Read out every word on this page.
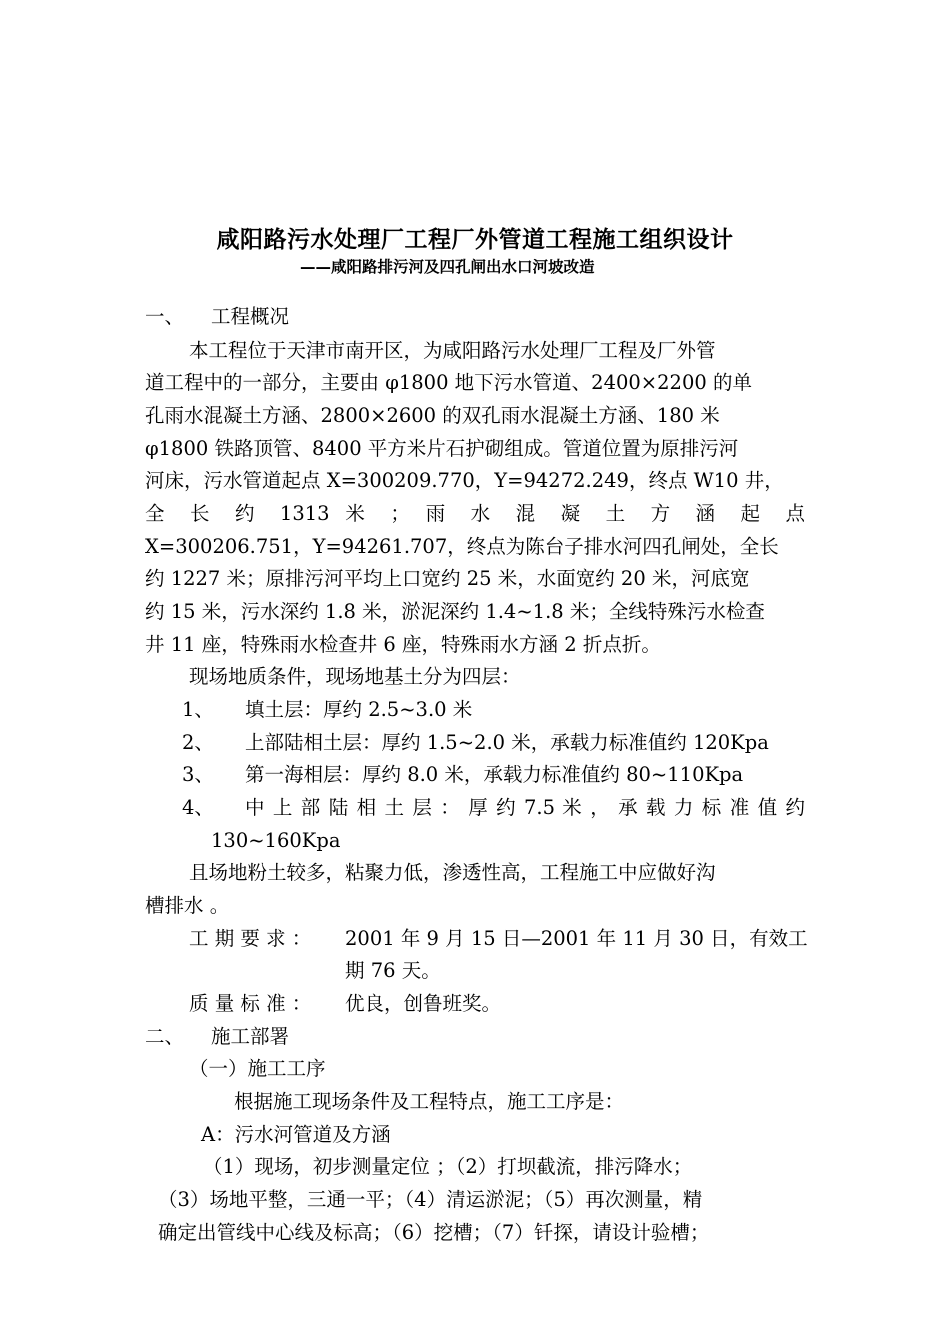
咸阳路污水处理厂工程厂外管道工程施工组织设计
——咸阳路排污河及四孔闸出水口河坡改造
一、 工程概况
本工程位于天津市南开区，为咸阳路污水处理厂工程及厂外管
道工程中的一部分，主要由 φ1800 地下污水管道、2400×2200 的单
孔雨水混凝土方涵、2800×2600 的双孔雨水混凝土方涵、180 米
φ1800 铁路顶管、8400 平方米片石护砌组成。管道位置为原排污河
河床，污水管道起点 X=300209.770，Y=94272.249，终点 W10 井，
全 长 约 1313 米 ； 雨 水 混 凝 土 方 涵 起 点
X=300206.751，Y=94261.707，终点为陈台子排水河四孔闸处，全长
约 1227 米；原排污河平均上口宽约 25 米，水面宽约 20 米，河底宽
约 15 米，污水深约 1.8 米，淤泥深约 1.4~1.8 米；全线特殊污水检查
井 11 座，特殊雨水检查井 6 座，特殊雨水方涵 2 折点折。
现场地质条件，现场地基土分为四层：
1、 填土层：厚约 2.5~3.0 米
2、 上部陆相土层：厚约 1.5~2.0 米，承载力标准值约 120Kpa
3、 第一海相层：厚约 8.0 米，承载力标准值约 80~110Kpa
4、 中 上 部 陆 相 土 层 ： 厚 约 7.5 米 ， 承 载 力 标 准 值 约
130~160Kpa
且场地粉土较多，粘聚力低，渗透性高，工程施工中应做好沟
槽排水 。
工 期 要 求 ： 2001 年 9 月 15 日—2001 年 11 月 30 日，有效工
期 76 天。
质 量 标 准 ： 优良，创鲁班奖。
二、 施工部署
（一）施工工序
根据施工现场条件及工程特点，施工工序是：
A：污水河管道及方涵
（1）现场，初步测量定位 ；（2）打坝截流，排污降水；
（3）场地平整，三通一平；（4）清运淤泥；（5）再次测量，精
确定出管线中心线及标高；（6）挖槽；（7）钎探，请设计验槽；
